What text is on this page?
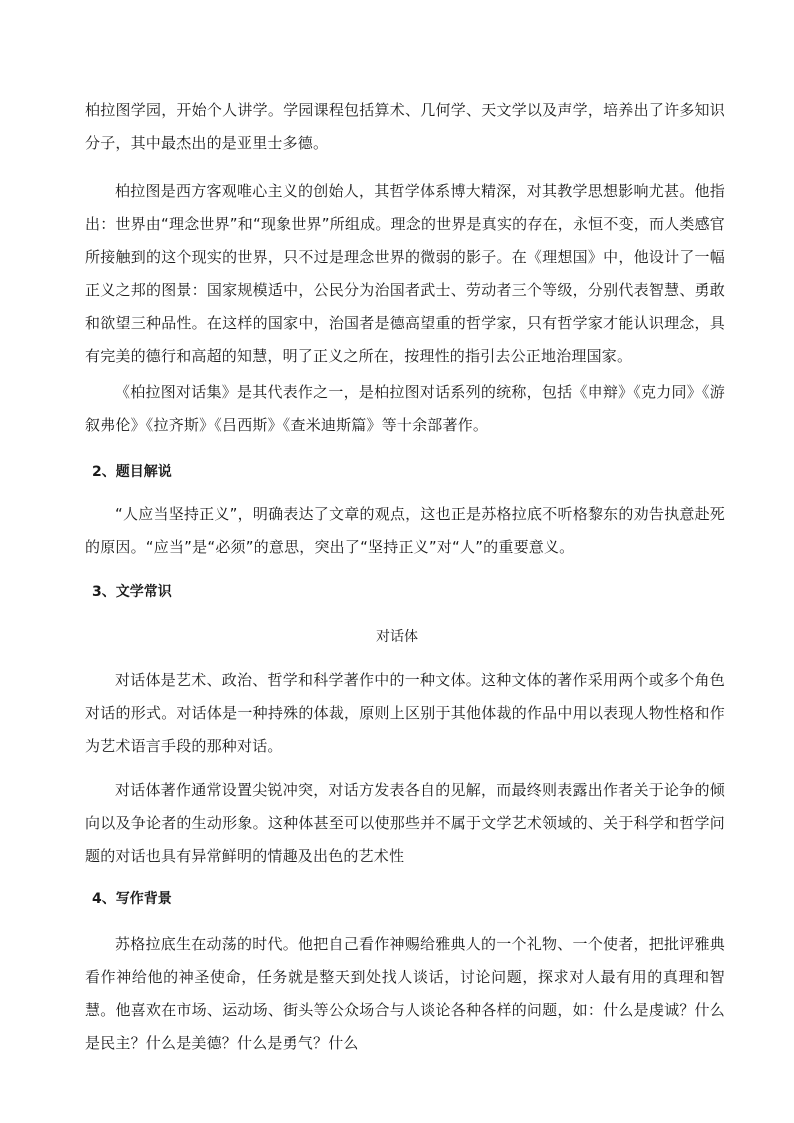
柏拉图学园，开始个人讲学。学园课程包括算术、几何学、天文学以及声学，培养出了许多知识分子，其中最杰出的是亚里士多德。

柏拉图是西方客观唯心主义的创始人，其哲学体系博大精深，对其教学思想影响尤甚。他指出：世界由“理念世界”和“现象世界”所组成。理念的世界是真实的存在，永恒不变，而人类感官所接触到的这个现实的世界，只不过是理念世界的微弱的影子。在《理想国》中，他设计了一幅正义之邦的图景：国家规模适中，公民分为治国者武士、劳动者三个等级，分别代表智慧、勇敢和欲望三种品性。在这样的国家中，治国者是德高望重的哲学家，只有哲学家才能认识理念，具有完美的德行和高超的知慧，明了正义之所在，按理性的指引去公正地治理国家。

《柏拉图对话集》是其代表作之一，是柏拉图对话系列的统称，包括《申辩》《克力同》《游叙弗伦》《拉齐斯》《吕西斯》《查米迪斯篇》等十余部著作。

2、题目解说

“人应当坚持正义”，明确表达了文章的观点，这也正是苏格拉底不听格黎东的劝告执意赴死的原因。“应当”是“必须”的意思，突出了“坚持正义”对“人”的重要意义。

3、文学常识

对话体

对话体是艺术、政治、哲学和科学著作中的一种文体。这种文体的著作采用两个或多个角色对话的形式。对话体是一种持殊的体裁，原则上区别于其他体裁的作品中用以表现人物性格和作为艺术语言手段的那种对话。

对话体著作通常设置尖锐冲突，对话方发表各自的见解，而最终则表露出作者关于论争的倾向以及争论者的生动形象。这种体甚至可以使那些并不属于文学艺术领域的、关于科学和哲学问题的对话也具有异常鲜明的情趣及出色的艺术性

4、写作背景

苏格拉底生在动荡的时代。他把自己看作神赐给雅典人的一个礼物、一个使者，把批评雅典看作神给他的神圣使命，任务就是整天到处找人谈话，讨论问题，探求对人最有用的真理和智慧。他喜欢在市场、运动场、街头等公众场合与人谈论各种各样的问题，如：什么是虔诚？什么是民主？什么是美德？什么是勇气？什么
